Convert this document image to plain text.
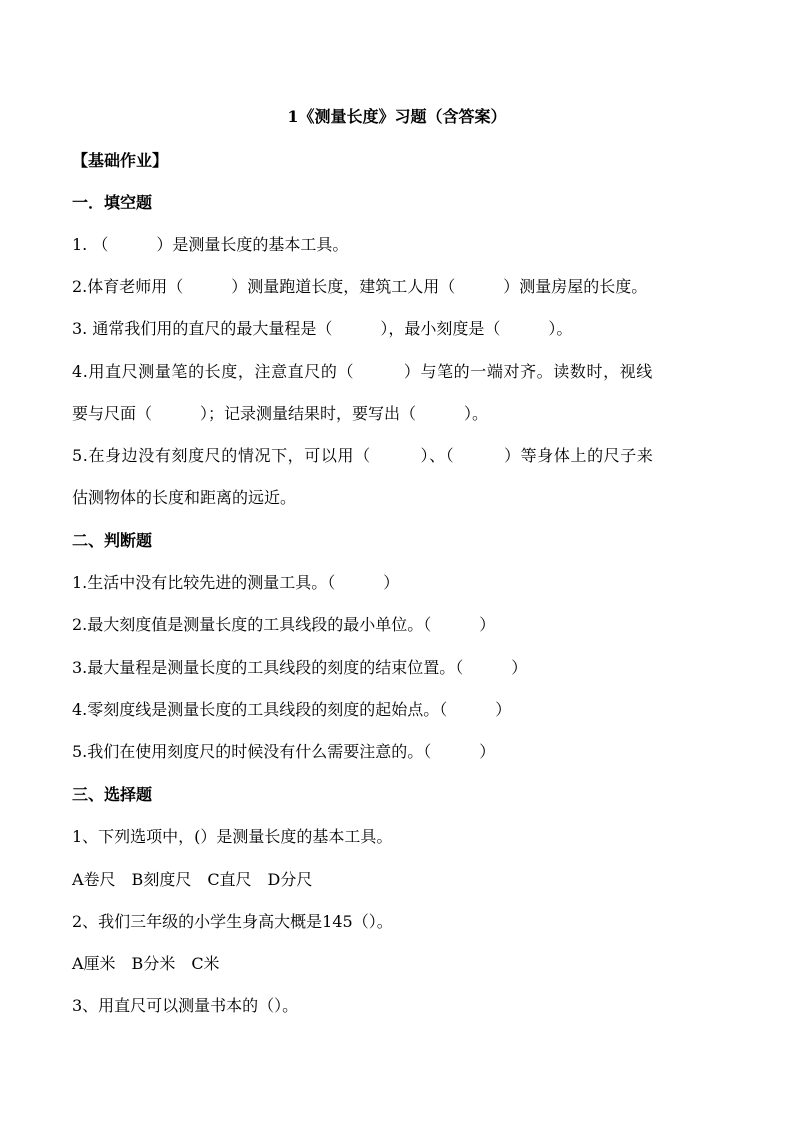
1《测量长度》习题（含答案）
【基础作业】
一．填空题
1. （　　　）是测量长度的基本工具。
2.体育老师用（　　　）测量跑道长度，建筑工人用（　　　）测量房屋的长度。
3. 通常我们用的直尺的最大量程是（　　　），最小刻度是（　　　）。
4.用直尺测量笔的长度，注意直尺的（　　　）与笔的一端对齐。读数时，视线
要与尺面（　　　）；记录测量结果时，要写出（　　　）。
5.在身边没有刻度尺的情况下，可以用（　　　）、（　　　）等身体上的尺子来
估测物体的长度和距离的远近。
二、判断题
1.生活中没有比较先进的测量工具。（　　　）
2.最大刻度值是测量长度的工具线段的最小单位。（　　　）
3.最大量程是测量长度的工具线段的刻度的结束位置。（　　　）
4.零刻度线是测量长度的工具线段的刻度的起始点。（　　　）
5.我们在使用刻度尺的时候没有什么需要注意的。（　　　）
三、选择题
1、下列选项中，(）是测量长度的基本工具。
A卷尺　B刻度尺　C直尺　D分尺
2、我们三年级的小学生身高大概是145（）。
A厘米　B分米　C米
3、用直尺可以测量书本的（）。
